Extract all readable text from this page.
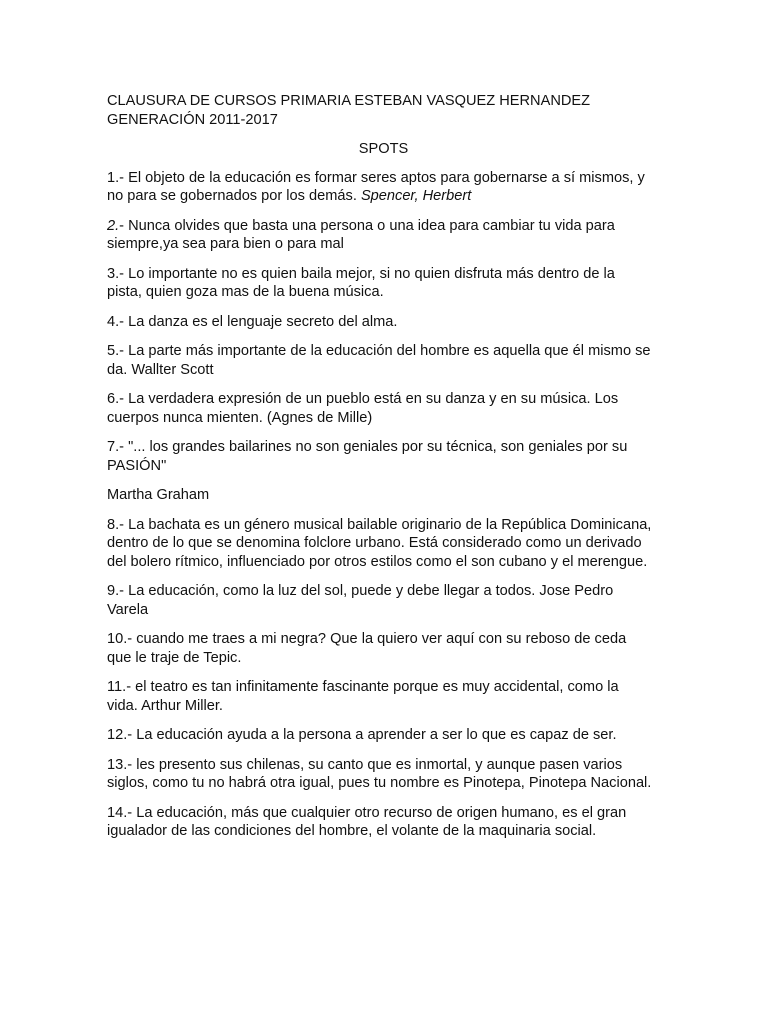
CLAUSURA DE CURSOS PRIMARIA ESTEBAN VASQUEZ HERNANDEZ

GENERACIÓN 2011-2017

SPOTS

1.- El objeto de la educación es formar seres aptos para gobernarse a sí mismos, y no para se gobernados por los demás. Spencer, Herbert

2.- Nunca olvides que basta una persona o una idea para cambiar tu vida para siempre,ya sea para bien o para mal

3.- Lo importante no es quien baila mejor, si no quien disfruta más dentro de la pista, quien goza mas de la buena música.

4.- La danza es el lenguaje secreto del alma.

5.- La parte más importante de la educación del hombre es aquella que él mismo se da. Wallter Scott

6.- La verdadera expresión de un pueblo está en su danza y en su música. Los cuerpos nunca mienten. (Agnes de Mille)

7.- "... los grandes bailarines no son geniales por su técnica, son geniales por su PASIÓN"

Martha Graham

8.- La bachata es un género musical bailable originario de la República Dominicana, dentro de lo que se denomina folclore urbano. Está considerado como un derivado del bolero rítmico, influenciado por otros estilos como el son cubano y el merengue.

9.- La educación, como la luz del sol, puede y debe llegar a todos. Jose Pedro Varela

10.- cuando me traes a mi negra? Que la quiero ver aquí con su reboso de ceda que le traje de Tepic.

11.- el teatro es tan infinitamente fascinante porque es muy accidental, como la vida. Arthur Miller.

12.- La educación ayuda a la persona a aprender a ser lo que es capaz de ser.

13.- les presento sus chilenas, su canto que es inmortal, y aunque pasen varios siglos, como tu no habrá otra igual, pues tu nombre es Pinotepa, Pinotepa Nacional.

14.- La educación, más que cualquier otro recurso de origen humano, es el gran igualador de las condiciones del hombre, el volante de la maquinaria social.
